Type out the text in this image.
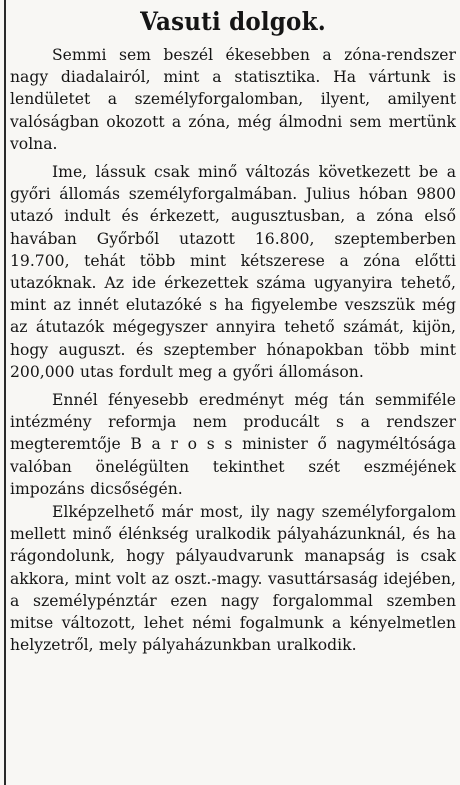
Vasuti dolgok.

Semmi sem beszél ékesebben a zóna-rendszer nagy diadalairól, mint a statisztika. Ha vártunk is lendületet a személyforgalomban, ilyent, amilyent valóságban okozott a zóna, még álmodni sem mertünk volna.

Ime, lássuk csak minő változás következett be a győri állomás személyforgalmában. Julius hóban 9800 utazó indult és érkezett, augusztusban, a zóna első havában Győrből utazott 16.800, szeptemberben 19.700, tehát több mint kétszerese a zóna előtti utazóknak. Az ide érkezettek száma ugyanyira tehető, mint az innét elutazóké s ha figyelembe veszszük még az átutazók mégegyszer annyira tehető számát, kijön, hogy auguszt. és szeptember hónapokban több mint 200,000 utas fordult meg a győri állomáson.

Ennél fényesebb eredményt még tán semmiféle intézmény reformja nem producált s a rendszer megteremtője B a r o s s minister ő nagyméltósága valóban önelégülten tekinthet szét eszméjének impozáns dicsőségén.

Elképzelhető már most, ily nagy személyforgalom mellett minő élénkség uralkodik pályaházunknál, és ha rágondolunk, hogy pályaudvarunk manapság is csak akkora, mint volt az oszt.-magy. vasuttársaság idejében, a személypénztár ezen nagy forgalommal szemben mitse változott, lehet némi fogalmunk a kényelmetlen helyzetről, mely pályaházunkban uralkodik.
